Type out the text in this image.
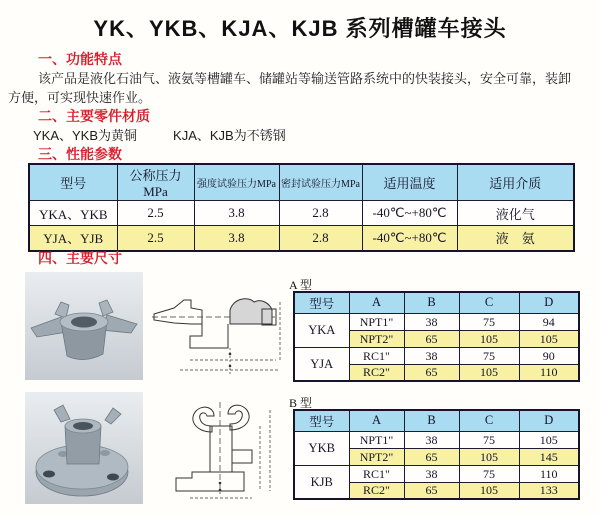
YK、YKB、KJA、KJB 系列槽罐车接头
一、功能特点
该产品是液化石油气、液氨等槽罐车、储罐站等输送管路系统中的快装接头，安全可靠，装卸
方便，可实现快速作业。
二、主要零件材质
YKA、YKB为黄铜	KJA、KJB为不锈钢
三、性能参数
型号	公称压力 MPa	强度试验压力MPa	密封试验压力MPa	适用温度	适用介质
YKA、YKB	2.5	3.8	2.8	-40℃~+80℃	液化气
YJA、YJB	2.5	3.8	2.8	-40℃~+80℃	液　氨
四、主要尺寸
A 型
型号	A	B	C	D
YKA	NPT1"	38	75	94
	NPT2"	65	105	105
YJA	RC1"	38	75	90
	RC2"	65	105	110
B 型
型号	A	B	C	D
YKB	NPT1"	38	75	105
	NPT2"	65	105	145
KJB	RC1"	38	75	110
	RC2"	65	105	133
